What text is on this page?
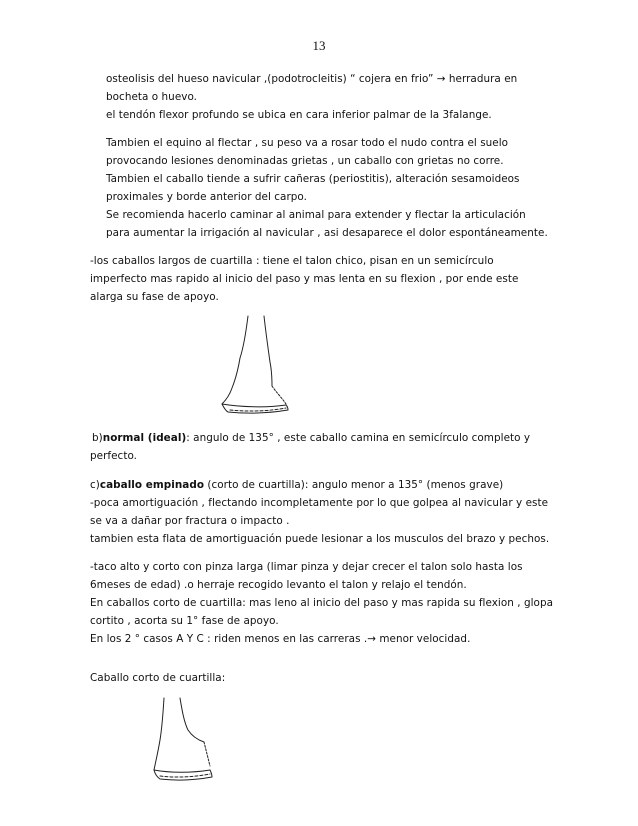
13
osteolisis del hueso navicular ,(podotrocleitis) “ cojera en frio” → herradura en
bocheta o huevo.
el tendón flexor profundo se ubica en cara inferior palmar de la 3falange.
Tambien el equino al flectar , su peso va a rosar todo el nudo contra el suelo
provocando lesiones denominadas grietas , un caballo con grietas no corre.
Tambien el caballo tiende a sufrir cañeras (periostitis), alteración sesamoideos
proximales y borde anterior del carpo.
Se recomienda hacerlo caminar al animal para extender y flectar la articulación
para aumentar la irrigación al navicular , asi desaparece el dolor espontáneamente.
-los caballos largos de cuartilla : tiene el talon chico, pisan en un semicírculo
imperfecto mas rapido al inicio del paso y mas lenta en su flexion , por ende este
alarga su fase de apoyo.
b)normal (ideal): angulo de 135° , este caballo camina en semicírculo completo y
perfecto.
c)caballo empinado (corto de cuartilla): angulo menor a 135° (menos grave)
-poca amortiguación , flectando incompletamente por lo que golpea al navicular y este
se va a dañar por fractura o impacto .
tambien esta flata de amortiguación puede lesionar a los musculos del brazo y pechos.
-taco alto y corto con pinza larga (limar pinza y dejar crecer el talon solo hasta los
6meses de edad) .o herraje recogido levanto el talon y relajo el tendón.
En caballos corto de cuartilla: mas leno al inicio del paso y mas rapida su flexion , glopa
cortito , acorta su 1° fase de apoyo.
En los 2 ° casos A Y C : riden menos en las carreras .→ menor velocidad.
Caballo corto de cuartilla:
